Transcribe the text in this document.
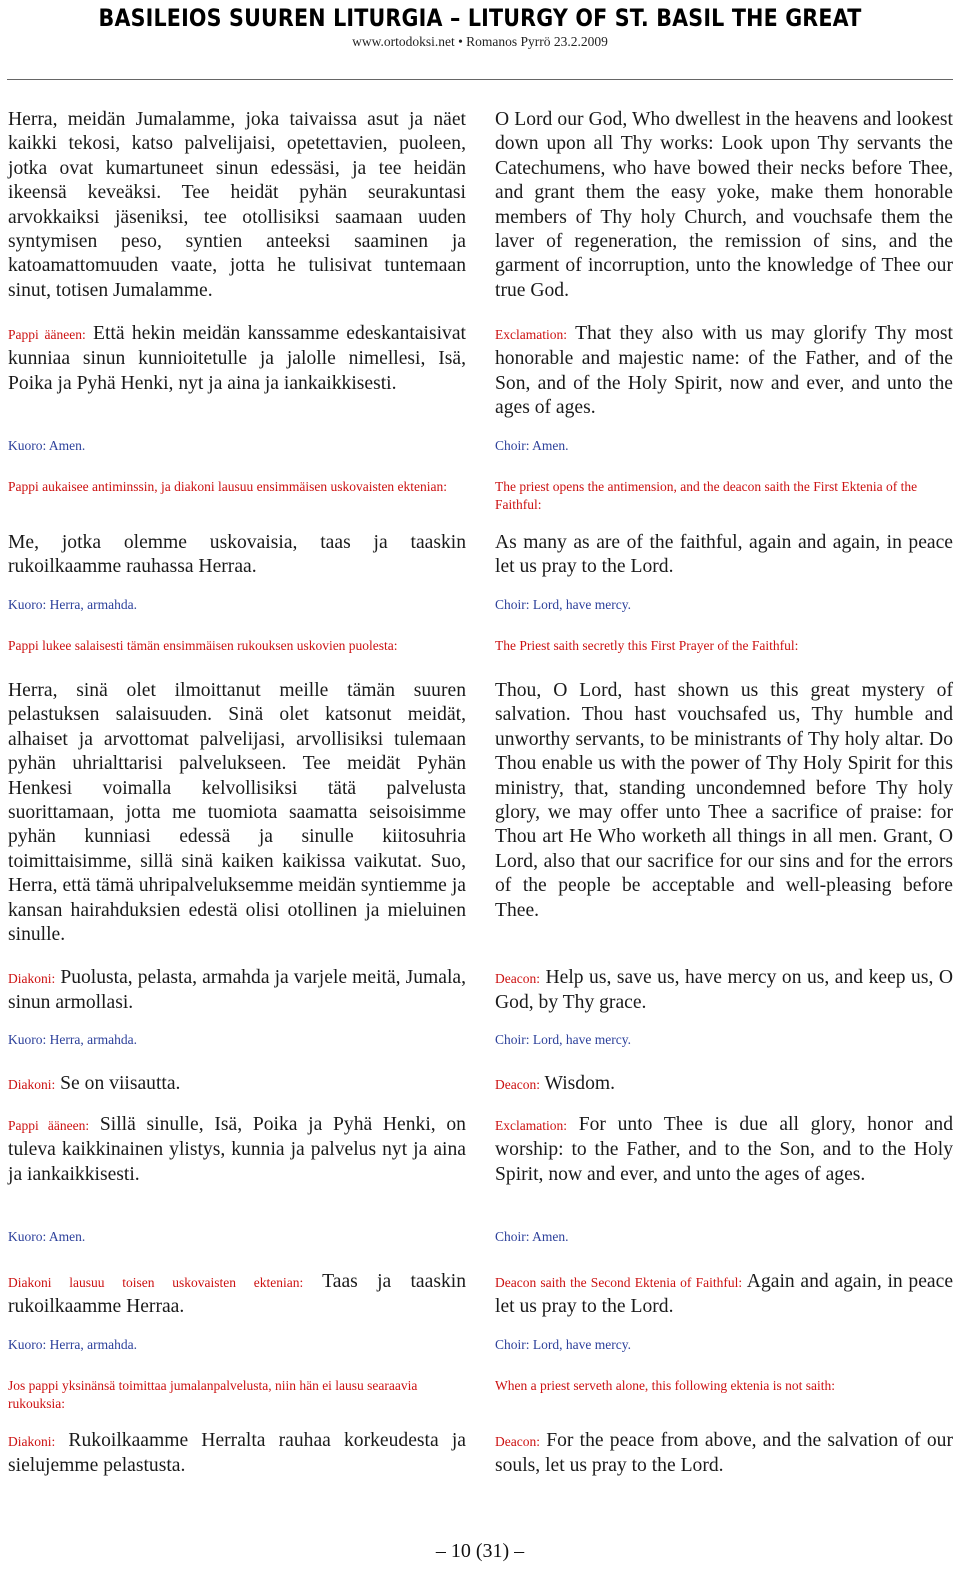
BASILEIOS SUUREN LITURGIA – LITURGY OF ST. BASIL THE GREAT
www.ortodoksi.net • Romanos Pyrrö 23.2.2009

Herra, meidän Jumalamme, joka taivaissa asut ja näet kaikki tekosi, katso palvelijaisi, opetettavien, puoleen, jotka ovat kumartuneet sinun edessäsi, ja tee heidän ikeensä keveäksi. Tee heidät pyhän seurakuntasi arvokkaiksi jäseniksi, tee otollisiksi saamaan uuden syntymisen peso, syntien anteeksi saaminen ja katoamattomuuden vaate, jotta he tulisivat tuntemaan sinut, totisen Jumalamme.

Pappi ääneen: Että hekin meidän kanssamme edeskantaisivat kunniaa sinun kunnioitetulle ja jalolle nimellesi, Isä, Poika ja Pyhä Henki, nyt ja aina ja iankaikkisesti.

Kuoro: Amen.

Pappi aukaisee antiminssin, ja diakoni lausuu ensimmäisen uskovaisten ektenian:

Me, jotka olemme uskovaisia, taas ja taaskin rukoilkaamme rauhassa Herraa.

Kuoro: Herra, armahda.

Pappi lukee salaisesti tämän ensimmäisen rukouksen uskovien puolesta:

Herra, sinä olet ilmoittanut meille tämän suuren pelastuksen salaisuuden. Sinä olet katsonut meidät, alhaiset ja arvottomat palvelijasi, arvollisiksi tulemaan pyhän uhrialttarisi palvelukseen. Tee meidät Pyhän Henkesi voimalla kelvollisiksi tätä palvelusta suorittamaan, jotta me tuomiota saamatta seisoisimme pyhän kunniasi edessä ja sinulle kiitosuhria toimittaisimme, sillä sinä kaiken kaikissa vaikutat. Suo, Herra, että tämä uhripalveluksemme meidän syntiemme ja kansan hairahduksien edestä olisi otollinen ja mieluinen sinulle.

Diakoni: Puolusta, pelasta, armahda ja varjele meitä, Jumala, sinun armollasi.

Kuoro: Herra, armahda.

Diakoni: Se on viisautta.

Pappi ääneen: Sillä sinulle, Isä, Poika ja Pyhä Henki, on tuleva kaikkinainen ylistys, kunnia ja palvelus nyt ja aina ja iankaikkisesti.

Kuoro: Amen.

Diakoni lausuu toisen uskovaisten ektenian: Taas ja taaskin rukoilkaamme Herraa.

Kuoro: Herra, armahda.

Jos pappi yksinänsä toimittaa jumalanpalvelusta, niin hän ei lausu searaavia rukouksia:

Diakoni: Rukoilkaamme Herralta rauhaa korkeudesta ja sielujemme pelastusta.

O Lord our God, Who dwellest in the heavens and lookest down upon all Thy works: Look upon Thy servants the Catechumens, who have bowed their necks before Thee, and grant them the easy yoke, make them honorable members of Thy holy Church, and vouchsafe them the laver of regeneration, the remission of sins, and the garment of incorruption, unto the knowledge of Thee our true God.

Exclamation: That they also with us may glorify Thy most honorable and majestic name: of the Father, and of the Son, and of the Holy Spirit, now and ever, and unto the ages of ages.

Choir: Amen.

The priest opens the antimension, and the deacon saith the First Ektenia of the Faithful:

As many as are of the faithful, again and again, in peace let us pray to the Lord.

Choir: Lord, have mercy.

The Priest saith secretly this First Prayer of the Faithful:

Thou, O Lord, hast shown us this great mystery of salvation. Thou hast vouchsafed us, Thy humble and unworthy servants, to be ministrants of Thy holy altar. Do Thou enable us with the power of Thy Holy Spirit for this ministry, that, standing uncondemned before Thy holy glory, we may offer unto Thee a sacrifice of praise: for Thou art He Who worketh all things in all men. Grant, O Lord, also that our sacrifice for our sins and for the errors of the people be acceptable and well-pleasing before Thee.

Deacon: Help us, save us, have mercy on us, and keep us, O God, by Thy grace.

Choir: Lord, have mercy.

Deacon: Wisdom.

Exclamation: For unto Thee is due all glory, honor and worship: to the Father, and to the Son, and to the Holy Spirit, now and ever, and unto the ages of ages.

Choir: Amen.

Deacon saith the Second Ektenia of Faithful: Again and again, in peace let us pray to the Lord.

Choir: Lord, have mercy.

When a priest serveth alone, this following ektenia is not saith:

Deacon: For the peace from above, and the salvation of our souls, let us pray to the Lord.

– 10 (31) –
